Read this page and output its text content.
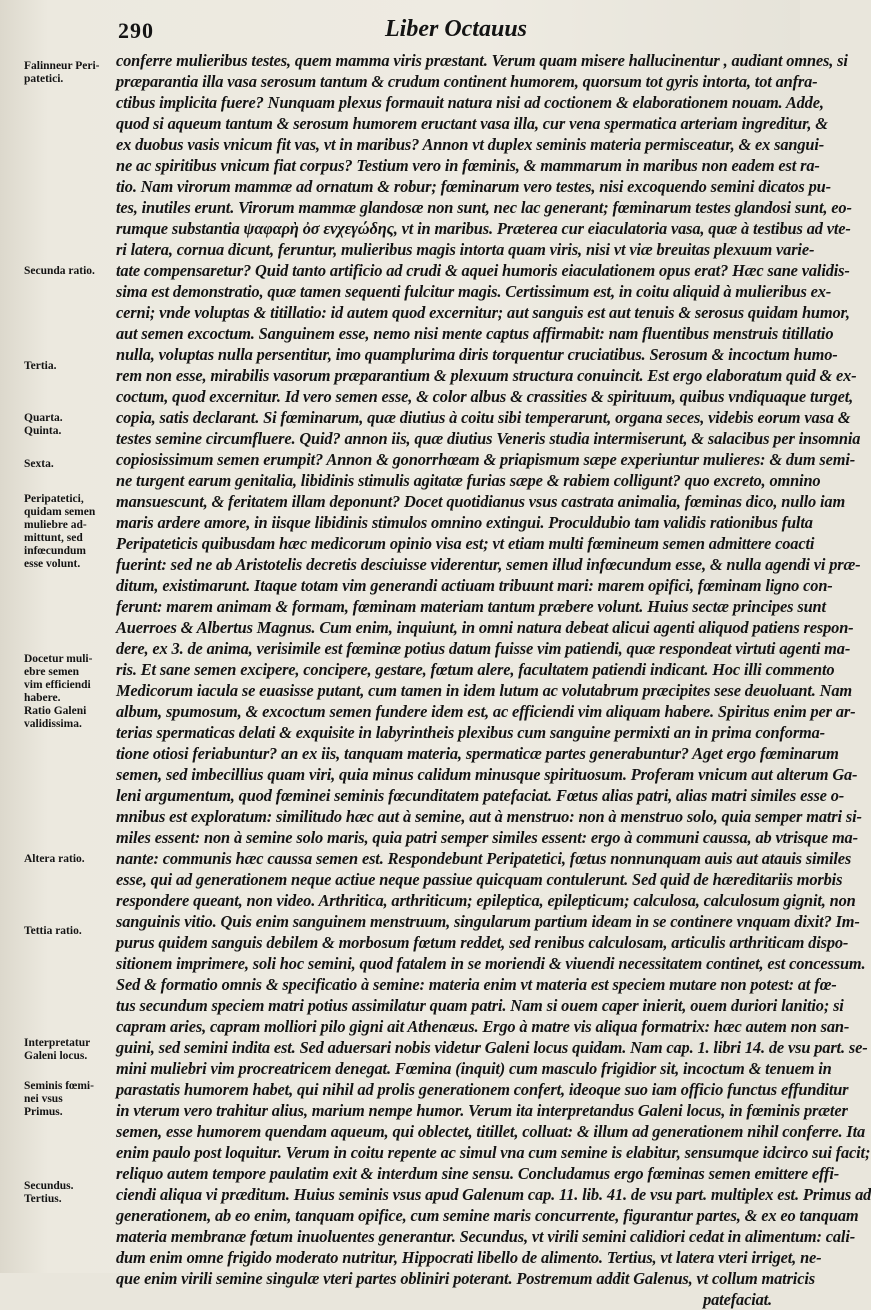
290	Liber Octauus
Falinneur Peri-
patetici.
Secunda ratio.
Tertia.
Quarta.
Quinta.
Sexta.
Peripatetici,
quidam semen
muliebre ad-
mittunt, sed
infœcundum
esse volunt.
Docetur muli-
ebre semen
vim efficiendi
habere.
Ratio Galeni
validissima.
Altera ratio.
Tettia ratio.
Interpretatur
Galeni locus.
Seminis fœmi-
nei vsus
Primus.
Secundus.
Tertius.
conferre mulieribus testes, quem mamma viris præstant. Verum quam misere hallucinentur , audiant omnes, si
præparantia illa vasa serosum tantum & crudum continent humorem, quorsum tot gyris intorta, tot anfra-
ctibus implicita fuere? Nunquam plexus formauit natura nisi ad coctionem & elaborationem nouam. Adde,
quod si aqueum tantum & serosum humorem eructant vasa illa, cur vena spermatica arteriam ingreditur, &
ex duobus vasis vnicum fit vas, vt in maribus? Annon vt duplex seminis materia permisceatur, & ex sangui-
ne ac spiritibus vnicum fiat corpus? Testium vero in fœminis, & mammarum in maribus non eadem est ra-
tio. Nam virorum mammæ ad ornatum & robur; fœminarum vero testes, nisi excoquendo semini dicatos pu-
tes, inutiles erunt. Virorum mammæ glandosæ non sunt, nec lac generant; fœminarum testes glandosi sunt, eo-
rumque substantia ψαφαρὴ ὀσ ενχεγώδης, vt in maribus. Præterea cur eiaculatoria vasa, quæ à testibus ad vte-
ri latera, cornua dicunt, feruntur, mulieribus magis intorta quam viris, nisi vt viæ breuitas plexuum varie-
tate compensaretur? Quid tanto artificio ad crudi & aquei humoris eiaculationem opus erat? Hæc sane validis-
sima est demonstratio, quæ tamen sequenti fulcitur magis. Certissimum est, in coitu aliquid à mulieribus ex-
cerni; vnde voluptas & titillatio: id autem quod excernitur; aut sanguis est aut tenuis & serosus quidam humor,
aut semen excoctum. Sanguinem esse, nemo nisi mente captus affirmabit: nam fluentibus menstruis titillatio
nulla, voluptas nulla persentitur, imo quamplurima diris torquentur cruciatibus. Serosum & incoctum humo-
rem non esse, mirabilis vasorum præparantium & plexuum structura conuincit. Est ergo elaboratum quid & ex-
coctum, quod excernitur. Id vero semen esse, & color albus & crassities & spirituum, quibus vndiquaque turget,
copia, satis declarant. Si fœminarum, quæ diutius à coitu sibi temperarunt, organa seces, videbis eorum vasa &
testes semine circumfluere. Quid? annon iis, quæ diutius Veneris studia intermiserunt, & salacibus per insomnia
copiosissimum semen erumpit? Annon & gonorrhœam & priapismum sæpe experiuntur mulieres: & dum semi-
ne turgent earum genitalia, libidinis stimulis agitatæ furias sæpe & rabiem colligunt? quo excreto, omnino
mansuescunt, & feritatem illam deponunt? Docet quotidianus vsus castrata animalia, fœminas dico, nullo iam
maris ardere amore, in iisque libidinis stimulos omnino extingui. Proculdubio tam validis rationibus fulta
Peripateticis quibusdam hæc medicorum opinio visa est; vt etiam multi fœmineum semen admittere coacti
fuerint: sed ne ab Aristotelis decretis desciuisse viderentur, semen illud infœcundum esse, & nulla agendi vi præ-
ditum, existimarunt. Itaque totam vim generandi actiuam tribuunt mari: marem opifici, fœminam ligno con-
ferunt: marem animam & formam, fœminam materiam tantum præbere volunt. Huius sectæ principes sunt
Auerroes & Albertus Magnus. Cum enim, inquiunt, in omni natura debeat alicui agenti aliquod patiens respon-
dere, ex 3. de anima, verisimile est fœminæ potius datum fuisse vim patiendi, quæ respondeat virtuti agenti ma-
ris. Et sane semen excipere, concipere, gestare, fœtum alere, facultatem patiendi indicant. Hoc illi commento
Medicorum iacula se euasisse putant, cum tamen in idem lutum ac volutabrum præcipites sese deuoluant. Nam
album, spumosum, & excoctum semen fundere idem est, ac efficiendi vim aliquam habere. Spiritus enim per ar-
terias spermaticas delati & exquisite in labyrintheis plexibus cum sanguine permixti an in prima conforma-
tione otiosi feriabuntur? an ex iis, tanquam materia, spermaticæ partes generabuntur? Aget ergo fœminarum
semen, sed imbecillius quam viri, quia minus calidum minusque spirituosum. Proferam vnicum aut alterum Ga-
leni argumentum, quod fœminei seminis fœcunditatem patefaciat. Fœtus alias patri, alias matri similes esse o-
mnibus est exploratum: similitudo hæc aut à semine, aut à menstruo: non à menstruo solo, quia semper matri si-
miles essent: non à semine solo maris, quia patri semper similes essent: ergo à communi caussa, ab vtrisque ma-
nante: communis hæc caussa semen est. Respondebunt Peripatetici, fœtus nonnunquam auis aut atauis similes
esse, qui ad generationem neque actiue neque passiue quicquam contulerunt. Sed quid de hæreditariis morbis
respondere queant, non video. Arthritica, arthriticum; epileptica, epilepticum; calculosa, calculosum gignit, non
sanguinis vitio. Quis enim sanguinem menstruum, singularum partium ideam in se continere vnquam dixit? Im-
purus quidem sanguis debilem & morbosum fœtum reddet, sed renibus calculosam, articulis arthriticam dispo-
sitionem imprimere, soli hoc semini, quod fatalem in se moriendi & viuendi necessitatem continet, est concessum.
Sed & formatio omnis & specificatio à semine: materia enim vt materia est speciem mutare non potest: at fœ-
tus secundum speciem matri potius assimilatur quam patri. Nam si ouem caper inierit, ouem duriori lanitio; si
capram aries, capram molliori pilo gigni ait Athenæus. Ergo à matre vis aliqua formatrix: hæc autem non san-
guini, sed semini indita est. Sed aduersari nobis videtur Galeni locus quidam. Nam cap. 1. libri 14. de vsu part. se-
mini muliebri vim procreatricem denegat. Fœmina (inquit) cum masculo frigidior sit, incoctum & tenuem in
parastatis humorem habet, qui nihil ad prolis generationem confert, ideoque suo iam officio functus effunditur
in vterum vero trahitur alius, marium nempe humor. Verum ita interpretandus Galeni locus, in fœminis præter
semen, esse humorem quendam aqueum, qui oblectet, titillet, colluat: & illum ad generationem nihil conferre. Ita
enim paulo post loquitur. Verum in coitu repente ac simul vna cum semine is elabitur, sensumque idcirco sui facit;
reliquo autem tempore paulatim exit & interdum sine sensu. Concludamus ergo fœminas semen emittere effi-
ciendi aliqua vi præditum. Huius seminis vsus apud Galenum cap. 11. lib. 41. de vsu part. multiplex est. Primus ad
generationem, ab eo enim, tanquam opifice, cum semine maris concurrente, figurantur partes, & ex eo tanquam
materia membranæ fœtum inuoluentes generantur. Secundus, vt virili semini calidiori cedat in alimentum: cali-
dum enim omne frigido moderato nutritur, Hippocrati libello de alimento. Tertius, vt latera vteri irriget, ne-
que enim virili semine singulæ vteri partes obliniri poterant. Postremum addit Galenus, vt collum matricis
patefaciat.
